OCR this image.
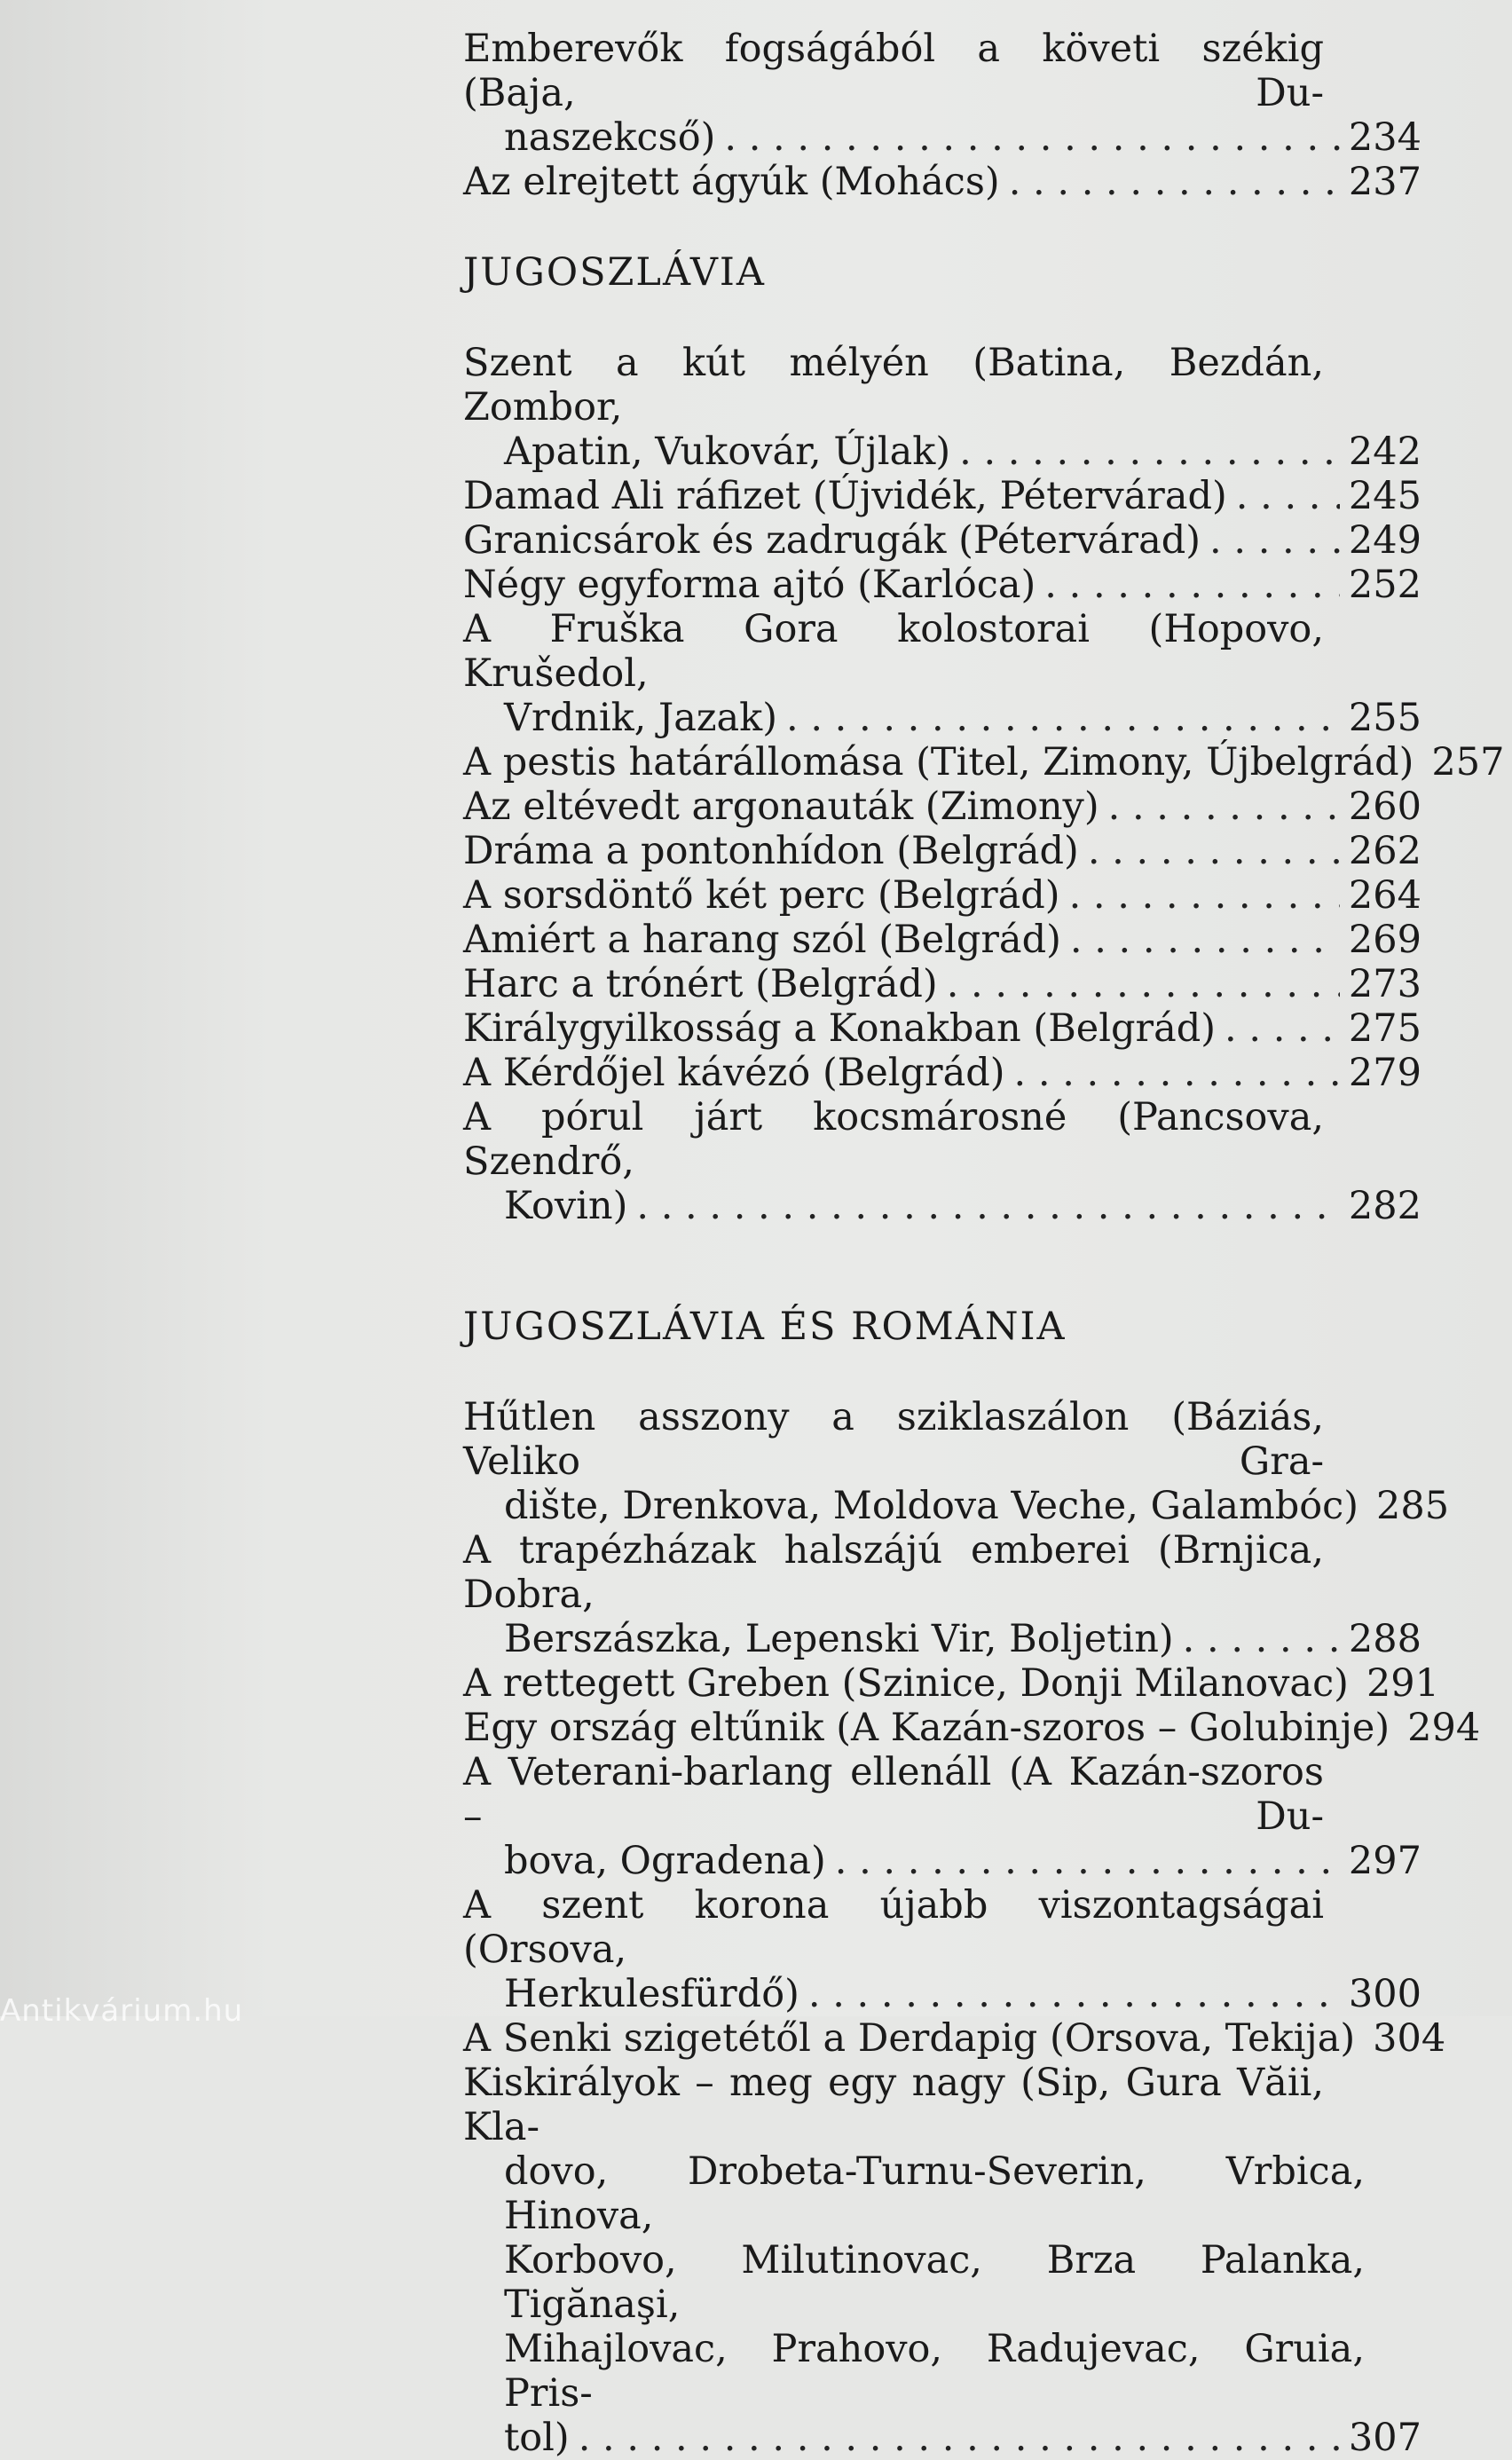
Emberevők fogságából a követi székig (Baja, Du-
naszekcső) . . .	234
Az elrejtett ágyúk (Mohács) . . .	237
JUGOSZLÁVIA
Szent a kút mélyén (Batina, Bezdán, Zombor,
Apatin, Vukovár, Újlak) . . .	242
Damad Ali ráfizet (Újvidék, Pétervárad) . . .	245
Granicsárok és zadrugák (Pétervárad) . . .	249
Négy egyforma ajtó (Karlóca) . . .	252
A Fruška Gora kolostorai (Hopovo, Krušedol,
Vrdnik, Jazak) . . .	255
A pestis határállomása (Titel, Zimony, Újbelgrád) 257
Az eltévedt argonauták (Zimony) . . .	260
Dráma a pontonhídon (Belgrád) . . .	262
A sorsdöntő két perc (Belgrád) . . .	264
Amiért a harang szól (Belgrád) . . .	269
Harc a trónért (Belgrád) . . .	273
Királygyilkosság a Konakban (Belgrád) . . .	275
A Kérdőjel kávézó (Belgrád) . . .	279
A pórul járt kocsmárosné (Pancsova, Szendrő,
Kovin) . . .	282
JUGOSZLÁVIA ÉS ROMÁNIA
Hűtlen asszony a sziklaszálon (Báziás, Veliko Gra-
dište, Drenkova, Moldova Veche, Galambóc) 285
A trapézházak halszájú emberei (Brnjica, Dobra,
Berszászka, Lepenski Vir, Boljetin) . . .	288
A rettegett Greben (Szinice, Donji Milanovac) 291
Egy ország eltűnik (A Kazán-szoros – Golubinje) 294
A Veterani-barlang ellenáll (A Kazán-szoros – Du-
bova, Ogradena) . . .	297
A szent korona újabb viszontagságai (Orsova,
Herkulesfürdő) . . .	300
A Senki szigetétől a Derdapig (Orsova, Tekija) 304
Kiskirályok – meg egy nagy (Sip, Gura Văii, Kla-
dovo, Drobeta-Turnu-Severin, Vrbica, Hinova,
Korbovo, Milutinovac, Brza Palanka, Tigănaşi,
Mihajlovac, Prahovo, Radujevac, Gruia, Pris-
tol) . . .	307
Antikvárium.hu
